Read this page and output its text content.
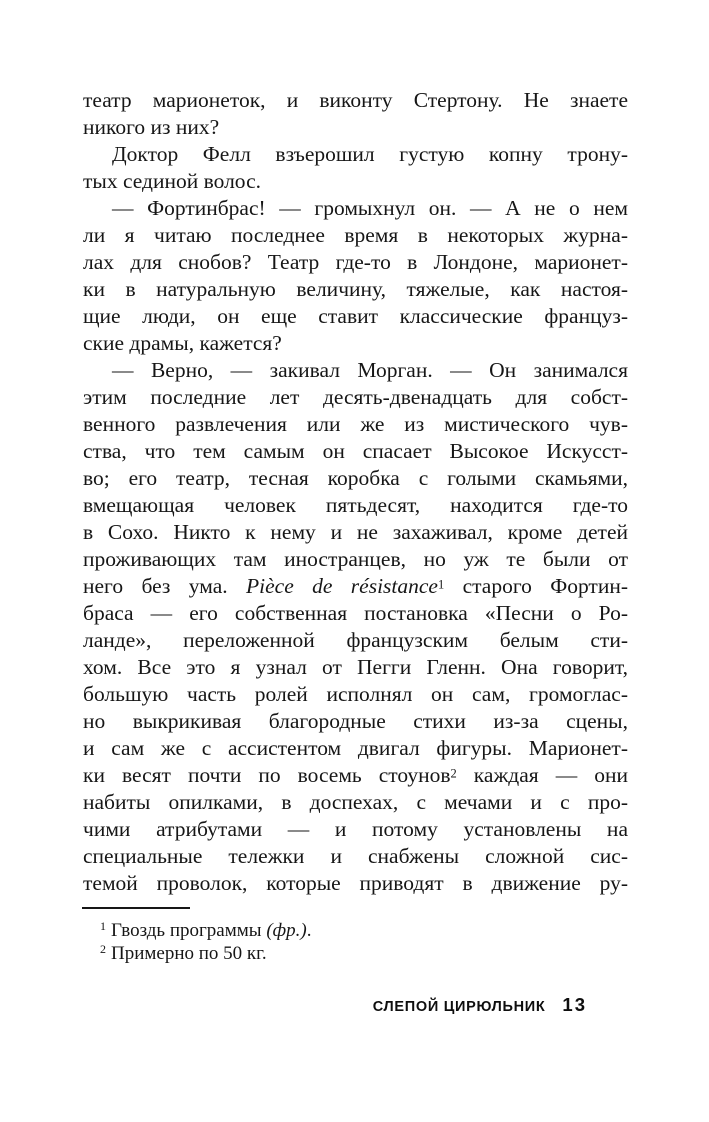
театр марионеток, и виконту Стертону. Не знаете
никого из них?
Доктор Фелл взъерошил густую копну трону-
тых сединой волос.
— Фортинбрас! — громыхнул он. — А не о нем
ли я читаю последнее время в некоторых журна-
лах для снобов? Театр где-то в Лондоне, марионет-
ки в натуральную величину, тяжелые, как настоя-
щие люди, он еще ставит классические француз-
ские драмы, кажется?
— Верно, — закивал Морган. — Он занимался
этим последние лет десять-двенадцать для собст-
венного развлечения или же из мистического чув-
ства, что тем самым он спасает Высокое Искусст-
во; его театр, тесная коробка с голыми скамьями,
вмещающая человек пятьдесят, находится где-то
в Сохо. Никто к нему и не захаживал, кроме детей
проживающих там иностранцев, но уж те были от
него без ума. Pièce de résistance$^1$ старого Фортин-
браса — его собственная постановка «Песни о Ро-
ланде», переложенной французским белым сти-
хом. Все это я узнал от Пегги Гленн. Она говорит,
большую часть ролей исполнял он сам, громоглас-
но выкрикивая благородные стихи из-за сцены,
и сам же с ассистентом двигал фигуры. Марионет-
ки весят почти по восемь стоунов$^2$ каждая — они
набиты опилками, в доспехах, с мечами и с про-
чими атрибутами — и потому установлены на
специальные тележки и снабжены сложной сис-
темой проволок, которые приводят в движение ру-
$^1$ Гвоздь программы (фр.).
$^2$ Примерно по 50 кг.
СЛЕПОЙ ЦИРЮЛЬНИК 13
